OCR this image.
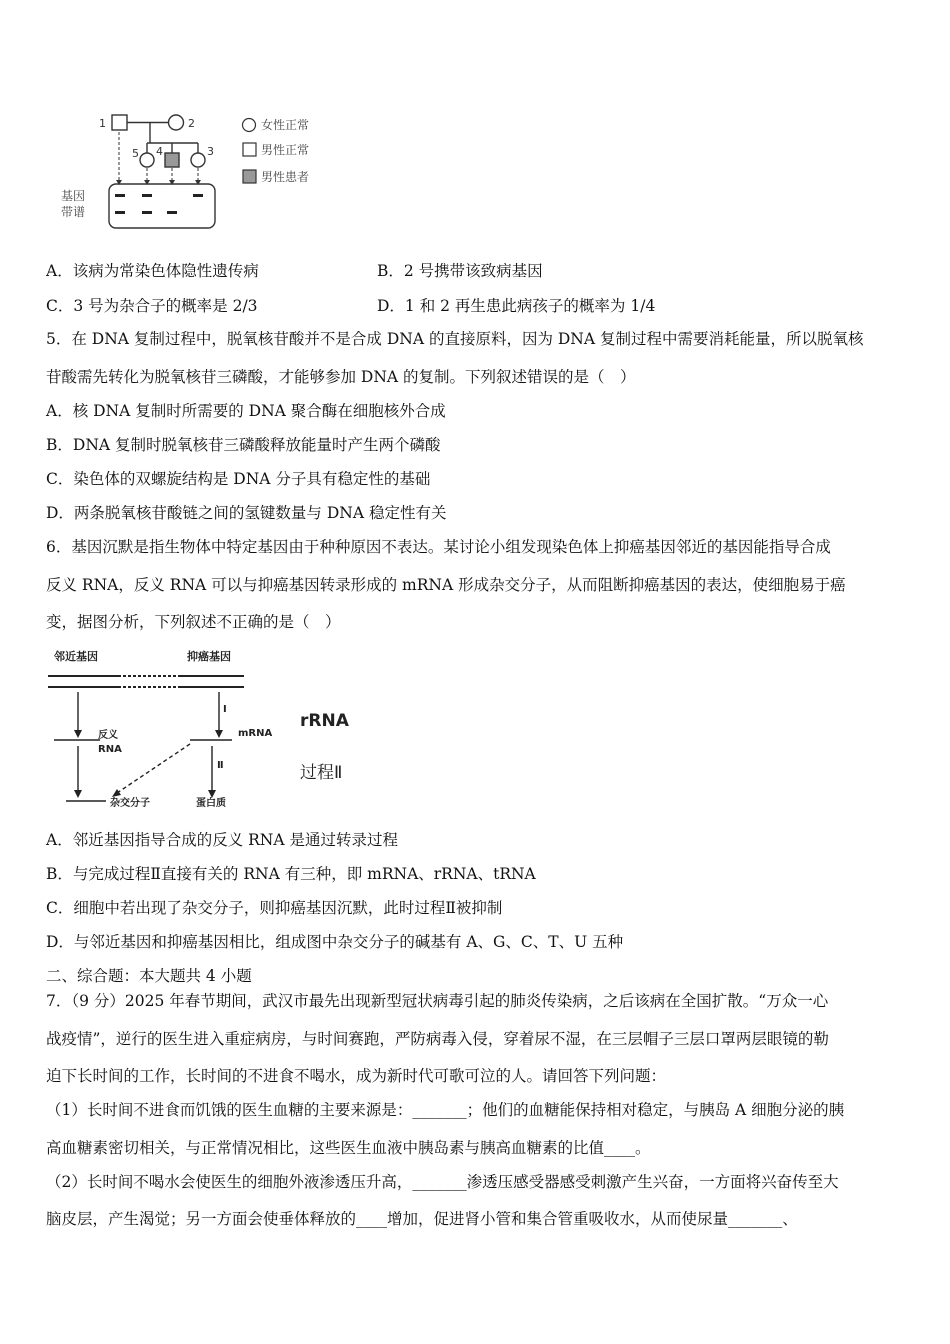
1	2
5 4	3
基因
带谱
女性正常
男性正常
男性患者
A．该病为常染色体隐性遗传病	B．2 号携带该致病基因
C．3 号为杂合子的概率是 2/3	D．1 和 2 再生患此病孩子的概率为 1/4
5．在 DNA 复制过程中，脱氧核苷酸并不是合成 DNA 的直接原料，因为 DNA 复制过程中需要消耗能量，所以脱氧核
苷酸需先转化为脱氧核苷三磷酸，才能够参加 DNA 的复制。下列叙述错误的是（　）
A．核 DNA 复制时所需要的 DNA 聚合酶在细胞核外合成
B．DNA 复制时脱氧核苷三磷酸释放能量时产生两个磷酸
C．染色体的双螺旋结构是 DNA 分子具有稳定性的基础
D．两条脱氧核苷酸链之间的氢键数量与 DNA 稳定性有关
6．基因沉默是指生物体中特定基因由于种种原因不表达。某讨论小组发现染色体上抑癌基因邻近的基因能指导合成
反义 RNA，反义 RNA 可以与抑癌基因转录形成的 mRNA 形成杂交分子，从而阻断抑癌基因的表达，使细胞易于癌
变，据图分析，下列叙述不正确的是（　）
邻近基因	抑癌基因
反义
RNA
Ⅰ
mRNA
Ⅱ
杂交分子	蛋白质
rRNA
过程Ⅱ
A．邻近基因指导合成的反义 RNA 是通过转录过程
B．与完成过程Ⅱ直接有关的 RNA 有三种，即 mRNA、rRNA、tRNA
C．细胞中若出现了杂交分子，则抑癌基因沉默，此时过程Ⅱ被抑制
D．与邻近基因和抑癌基因相比，组成图中杂交分子的碱基有 A、G、C、T、U 五种
二、综合题：本大题共 4 小题
7．（9 分）2025 年春节期间，武汉市最先出现新型冠状病毒引起的肺炎传染病，之后该病在全国扩散。“万众一心
战疫情”，逆行的医生进入重症病房，与时间赛跑，严防病毒入侵，穿着尿不湿，在三层帽子三层口罩两层眼镜的勒
迫下长时间的工作，长时间的不进食不喝水，成为新时代可歌可泣的人。请回答下列问题：
（1）长时间不进食而饥饿的医生血糖的主要来源是：_______；他们的血糖能保持相对稳定，与胰岛 A 细胞分泌的胰
高血糖素密切相关，与正常情况相比，这些医生血液中胰岛素与胰高血糖素的比值____。
（2）长时间不喝水会使医生的细胞外液渗透压升高，_______渗透压感受器感受刺激产生兴奋，一方面将兴奋传至大
脑皮层，产生渴觉；另一方面会使垂体释放的____增加，促进肾小管和集合管重吸收水，从而使尿量_______、
